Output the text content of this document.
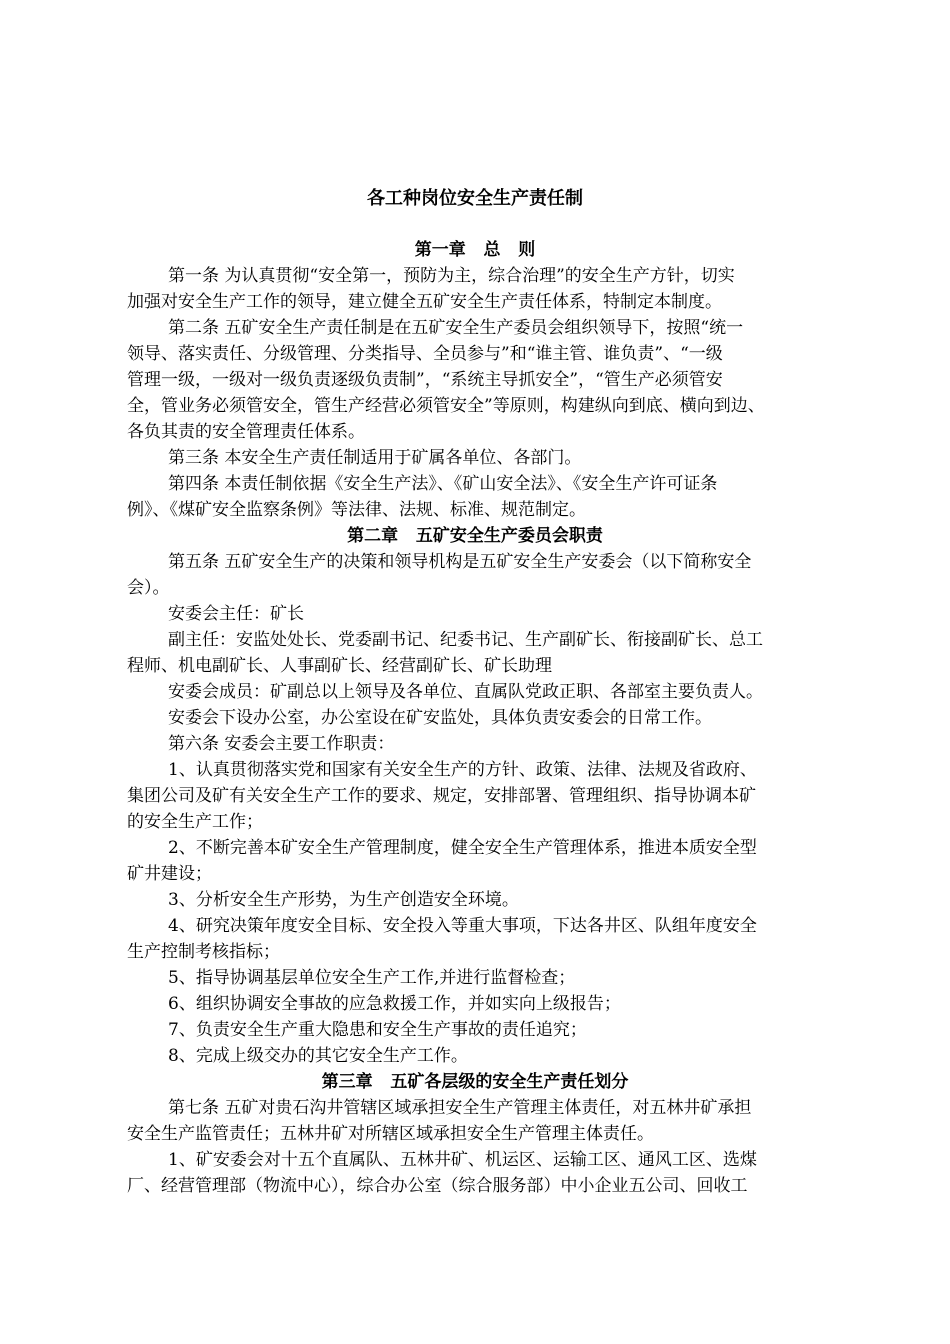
各工种岗位安全生产责任制
第一章   总   则
第一条 为认真贯彻“安全第一，预防为主，综合治理”的安全生产方针，切实
加强对安全生产工作的领导，建立健全五矿安全生产责任体系，特制定本制度。
第二条 五矿安全生产责任制是在五矿安全生产委员会组织领导下，按照“统一
领导、落实责任、分级管理、分类指导、全员参与”和“谁主管、谁负责”、“一级
管理一级，一级对一级负责逐级负责制”，“系统主导抓安全”，“管生产必须管安
全，管业务必须管安全，管生产经营必须管安全”等原则，构建纵向到底、横向到边、
各负其责的安全管理责任体系。
第三条 本安全生产责任制适用于矿属各单位、各部门。
第四条 本责任制依据《安全生产法》、《矿山安全法》、《安全生产许可证条
例》、《煤矿安全监察条例》等法律、法规、标准、规范制定。
第二章   五矿安全生产委员会职责
第五条 五矿安全生产的决策和领导机构是五矿安全生产安委会（以下简称安全
会）。
安委会主任：矿长
副主任：安监处处长、党委副书记、纪委书记、生产副矿长、衔接副矿长、总工
程师、机电副矿长、人事副矿长、经营副矿长、矿长助理
安委会成员：矿副总以上领导及各单位、直属队党政正职、各部室主要负责人。
安委会下设办公室，办公室设在矿安监处，具体负责安委会的日常工作。
第六条 安委会主要工作职责：
1、认真贯彻落实党和国家有关安全生产的方针、政策、法律、法规及省政府、
集团公司及矿有关安全生产工作的要求、规定，安排部署、管理组织、指导协调本矿
的安全生产工作；
2、不断完善本矿安全生产管理制度，健全安全生产管理体系，推进本质安全型
矿井建设；
3、分析安全生产形势，为生产创造安全环境。
4、研究决策年度安全目标、安全投入等重大事项，下达各井区、队组年度安全
生产控制考核指标；
5、指导协调基层单位安全生产工作,并进行监督检查；
6、组织协调安全事故的应急救援工作，并如实向上级报告；
7、负责安全生产重大隐患和安全生产事故的责任追究；
8、完成上级交办的其它安全生产工作。
第三章   五矿各层级的安全生产责任划分
第七条 五矿对贵石沟井管辖区域承担安全生产管理主体责任，对五林井矿承担
安全生产监管责任；五林井矿对所辖区域承担安全生产管理主体责任。
1、矿安委会对十五个直属队、五林井矿、机运区、运输工区、通风工区、选煤
厂、经营管理部（物流中心），综合办公室（综合服务部）中小企业五公司、回收工
